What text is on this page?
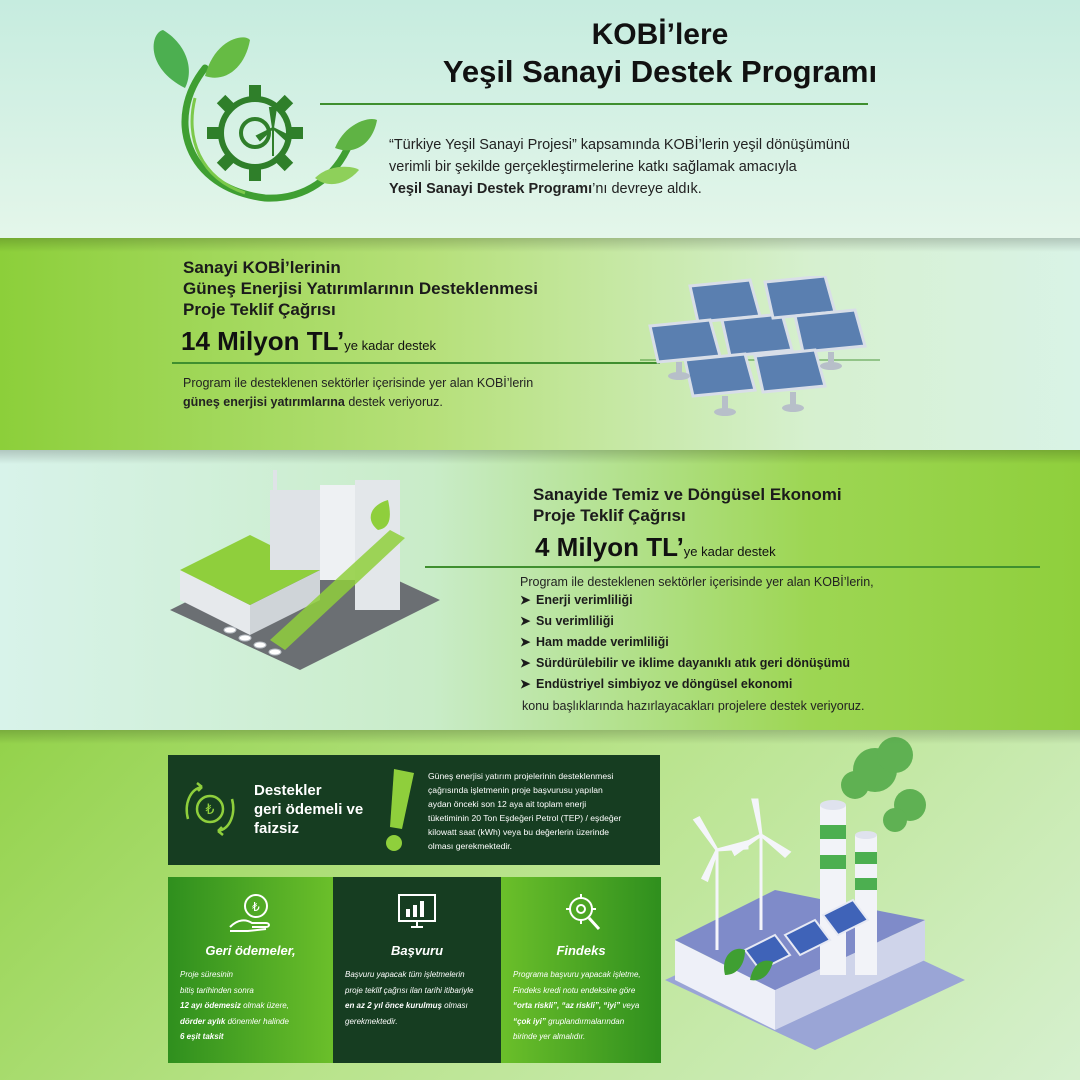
KOBİ’lere
Yeşil Sanayi Destek Programı
“Türkiye Yeşil Sanayi Projesi” kapsamında KOBİ’lerin yeşil dönüşümünü
verimli bir şekilde gerçekleştirmelerine katkı sağlamak amacıyla
Yeşil Sanayi Destek Programı’nı devreye aldık.
Sanayi KOBİ’lerinin
Güneş Enerjisi Yatırımlarının Desteklenmesi
Proje Teklif Çağrısı
14 Milyon TL’ye kadar destek
Program ile desteklenen sektörler içerisinde yer alan KOBİ’lerin
güneş enerjisi yatırımlarına destek veriyoruz.
Sanayide Temiz ve Döngüsel Ekonomi
Proje Teklif Çağrısı
4 Milyon TL’ye kadar destek
Program ile desteklenen sektörler içerisinde yer alan KOBİ’lerin,
➤ Enerji verimliliği
➤ Su verimliliği
➤ Ham madde verimliliği
➤ Sürdürülebilir ve iklime dayanıklı atık geri dönüşümü
➤ Endüstriyel simbiyoz ve döngüsel ekonomi
konu başlıklarında hazırlayacakları projelere destek veriyoruz.
₺
Destekler
geri ödemeli ve
faizsiz
Güneş enerjisi yatırım projelerinin desteklenmesi
çağrısında işletmenin proje başvurusu yapılan
aydan önceki son 12 aya ait toplam enerji
tüketiminin 20 Ton Eşdeğeri Petrol (TEP) / eşdeğer
kilowatt saat (kWh) veya bu değerlerin üzerinde
olması gerekmektedir.
₺
Geri ödemeler,
Proje süresinin
bitiş tarihinden sonra
12 ayı ödemesiz olmak üzere,
dörder aylık dönemler halinde
6 eşit taksit
Başvuru
Başvuru yapacak tüm işletmelerin
proje teklif çağrısı ilan tarihi itibariyle
en az 2 yıl önce kurulmuş olması
gerekmektedir.
Findeks
Programa başvuru yapacak işletme,
Findeks kredi notu endeksine göre
“orta riskli”, “az riskli”, “iyi” veya
“çok iyi” gruplandırmalarından
birinde yer almalıdır.
